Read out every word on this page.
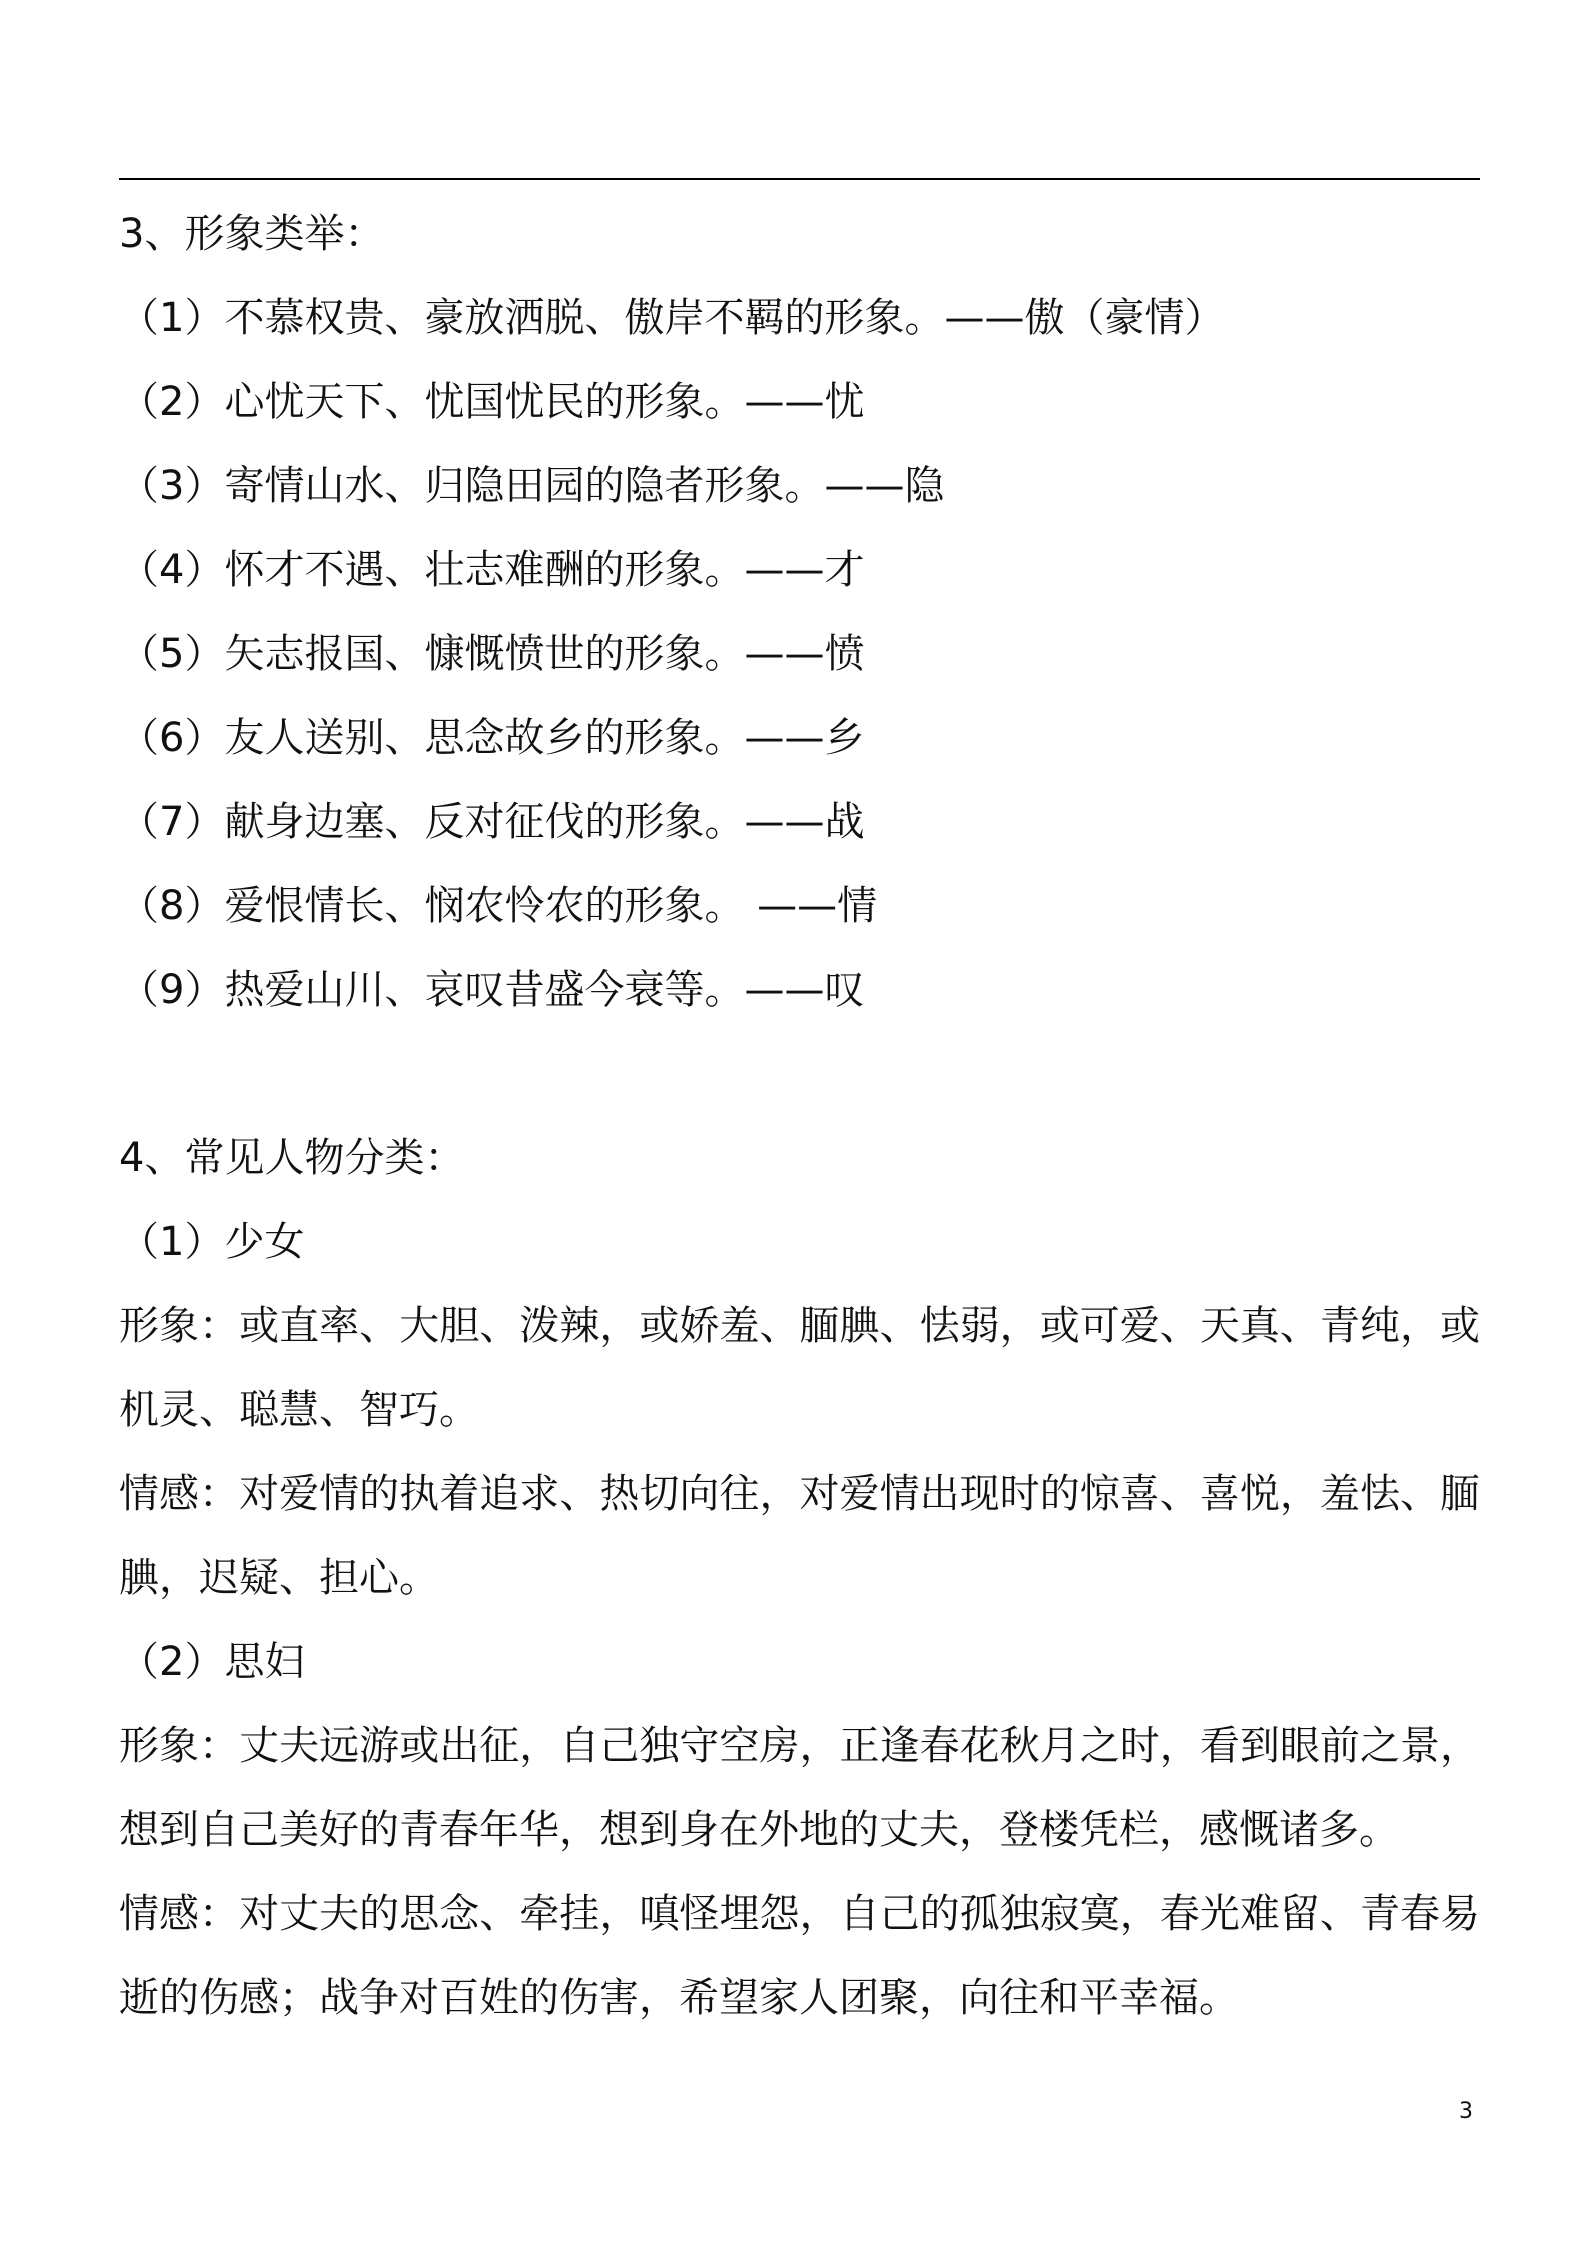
3、形象类举：

（1）不慕权贵、豪放洒脱、傲岸不羁的形象。——傲（豪情）

（2）心忧天下、忧国忧民的形象。——忧

（3）寄情山水、归隐田园的隐者形象。——隐

（4）怀才不遇、壮志难酬的形象。——才

（5）矢志报国、慷慨愤世的形象。——愤

（6）友人送别、思念故乡的形象。——乡

（7）献身边塞、反对征伐的形象。——战

（8）爱恨情长、悯农怜农的形象。 ——情

（9）热爱山川、哀叹昔盛今衰等。——叹

4、常见人物分类：

（1）少女

形象：或直率、大胆、泼辣，或娇羞、腼腆、怯弱，或可爱、天真、青纯，或机灵、聪慧、智巧。

情感：对爱情的执着追求、热切向往，对爱情出现时的惊喜、喜悦，羞怯、腼腆，迟疑、担心。

（2）思妇

形象：丈夫远游或出征，自己独守空房，正逢春花秋月之时，看到眼前之景，想到自己美好的青春年华，想到身在外地的丈夫，登楼凭栏，感慨诸多。

情感：对丈夫的思念、牵挂，嗔怪埋怨，自己的孤独寂寞，春光难留、青春易逝的伤感；战争对百姓的伤害，希望家人团聚，向往和平幸福。

3
